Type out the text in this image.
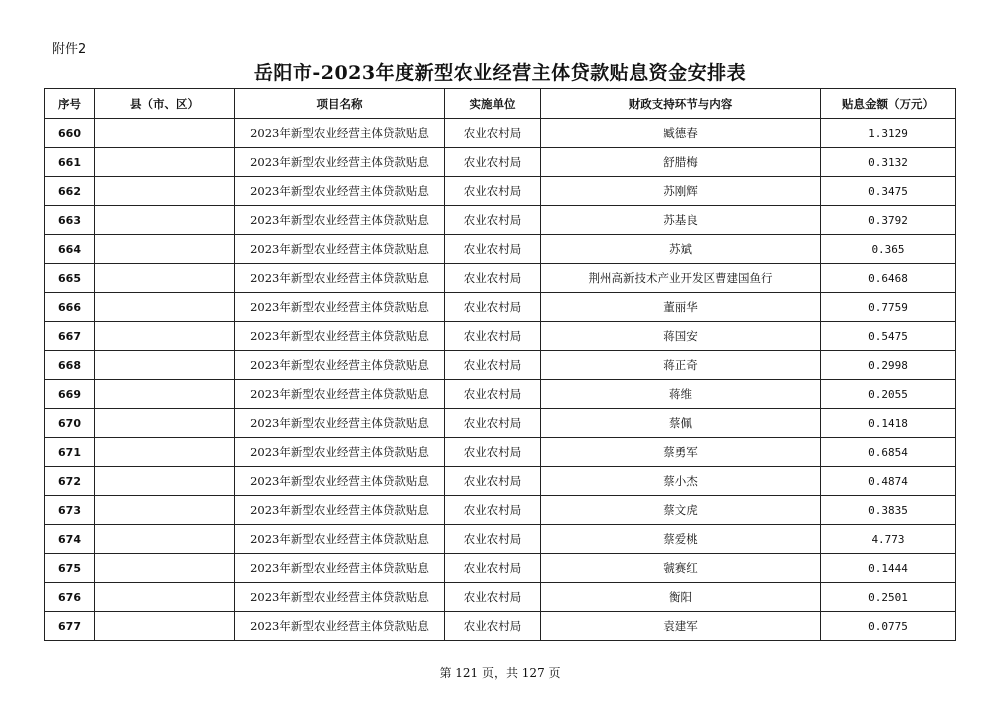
附件2
岳阳市-2023年度新型农业经营主体贷款贴息资金安排表
序号	县（市、区）	项目名称	实施单位	财政支持环节与内容	贴息金额（万元）
660		2023年新型农业经营主体贷款贴息	农业农村局	臧德春	1.3129
661		2023年新型农业经营主体贷款贴息	农业农村局	舒腊梅	0.3132
662		2023年新型农业经营主体贷款贴息	农业农村局	苏刚辉	0.3475
663		2023年新型农业经营主体贷款贴息	农业农村局	苏基良	0.3792
664		2023年新型农业经营主体贷款贴息	农业农村局	苏斌	0.365
665		2023年新型农业经营主体贷款贴息	农业农村局	荆州高新技术产业开发区曹建国鱼行	0.6468
666		2023年新型农业经营主体贷款贴息	农业农村局	董丽华	0.7759
667		2023年新型农业经营主体贷款贴息	农业农村局	蒋国安	0.5475
668		2023年新型农业经营主体贷款贴息	农业农村局	蒋正奇	0.2998
669		2023年新型农业经营主体贷款贴息	农业农村局	蒋维	0.2055
670		2023年新型农业经营主体贷款贴息	农业农村局	蔡佩	0.1418
671		2023年新型农业经营主体贷款贴息	农业农村局	蔡勇军	0.6854
672		2023年新型农业经营主体贷款贴息	农业农村局	蔡小杰	0.4874
673		2023年新型农业经营主体贷款贴息	农业农村局	蔡文虎	0.3835
674		2023年新型农业经营主体贷款贴息	农业农村局	蔡爱桃	4.773
675		2023年新型农业经营主体贷款贴息	农业农村局	虢赛红	0.1444
676		2023年新型农业经营主体贷款贴息	农业农村局	衡阳	0.2501
677		2023年新型农业经营主体贷款贴息	农业农村局	袁建军	0.0775
第 121 页，共 127 页
